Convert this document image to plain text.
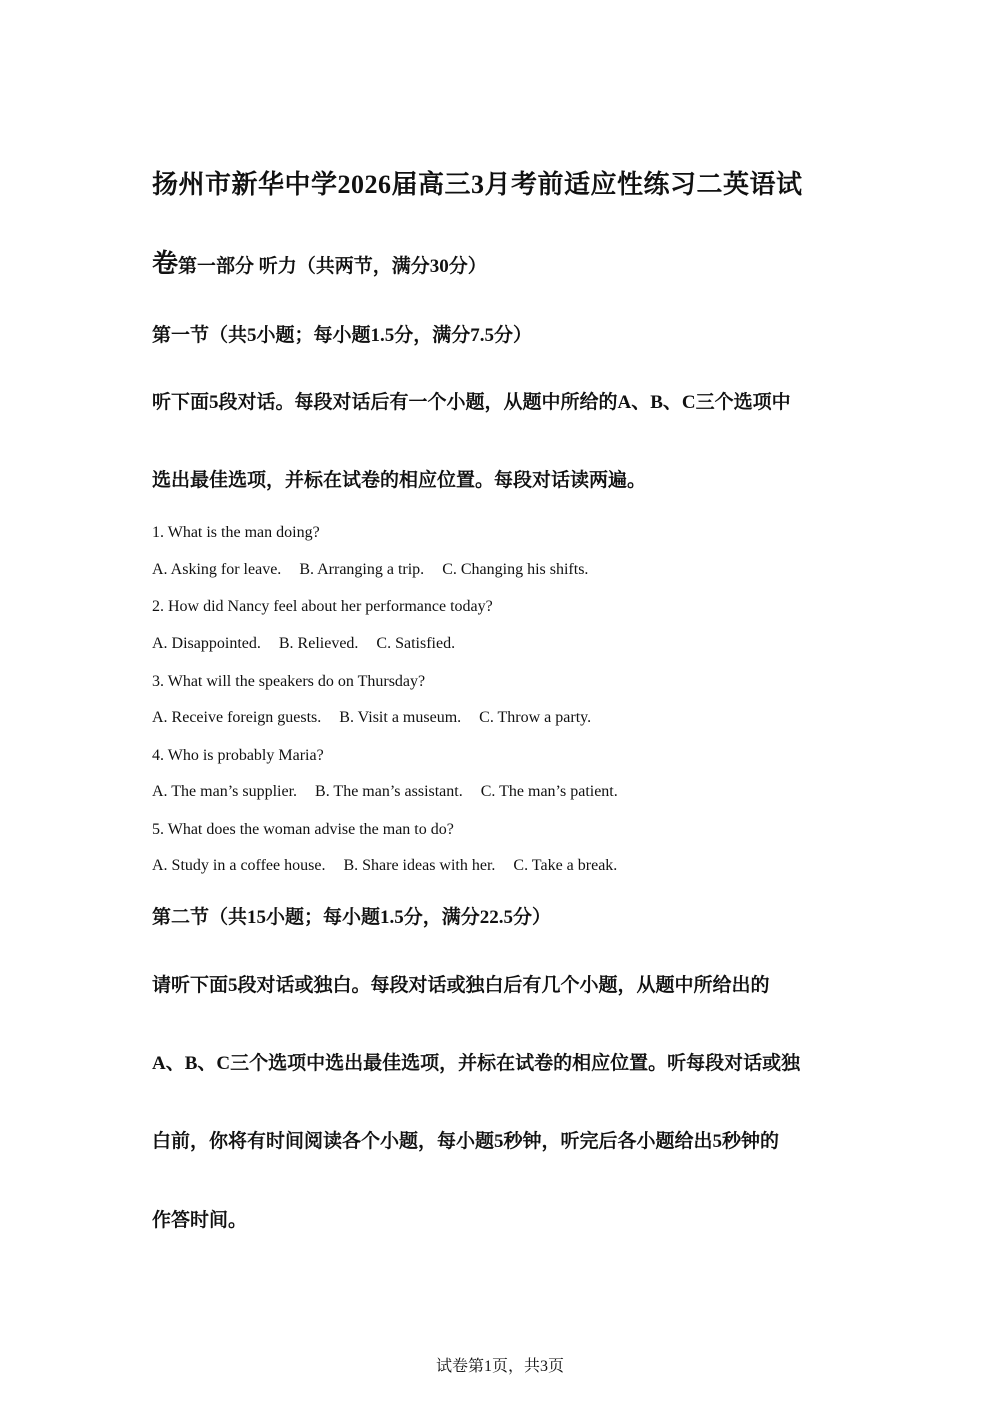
扬州市新华中学2026届高三3月考前适应性练习二英语试
卷第一部分 听力（共两节，满分30分）
第一节（共5小题；每小题1.5分，满分7.5分）
听下面5段对话。每段对话后有一个小题，从题中所给的A、B、C三个选项中
选出最佳选项，并标在试卷的相应位置。每段对话读两遍。
1. What is the man doing?
A. Asking for leave. B. Arranging a trip. C. Changing his shifts.
2. How did Nancy feel about her performance today?
A. Disappointed. B. Relieved. C. Satisfied.
3. What will the speakers do on Thursday?
A. Receive foreign guests. B. Visit a museum. C. Throw a party.
4. Who is probably Maria?
A. The man’s supplier. B. The man’s assistant. C. The man’s patient.
5. What does the woman advise the man to do?
A. Study in a coffee house. B. Share ideas with her. C. Take a break.
第二节（共15小题；每小题1.5分，满分22.5分）
请听下面5段对话或独白。每段对话或独白后有几个小题，从题中所给出的
A、B、C三个选项中选出最佳选项，并标在试卷的相应位置。听每段对话或独
白前，你将有时间阅读各个小题，每小题5秒钟，听完后各小题给出5秒钟的
作答时间。
试卷第1页，共3页
